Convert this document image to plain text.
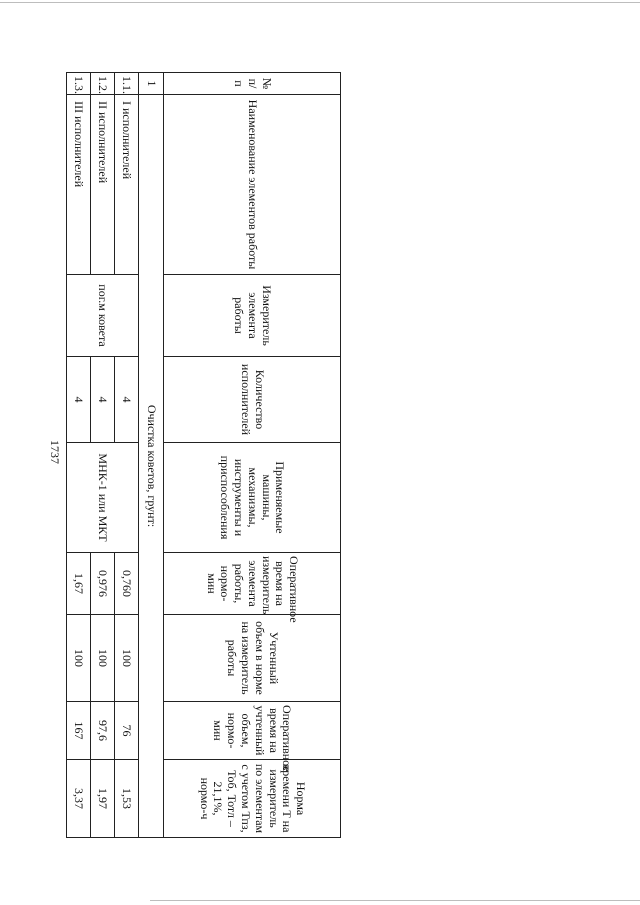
1737
№ п/п	Наименование элементов работы	Измеритель элемента работы	Количество исполнителей	Применяемые машины, механизмы, инструменты и приспособления	Оперативное время на измеритель элемента работы, нормо-мин	Учтенный объем в норме на измеритель работы	Оперативное время на учтенный объем, нормо-мин	Норма времени Т на измеритель по элементам с учетом Тпз, Тоб, Тотл – 21,1%, нормо-ч
1	Очистка коветов, грунт:							
1.1.	I исполнителей	пог.м ковета	4	МНК-1 или МКТ	0,760	100	76	1,53
1.2.	II исполнителей		4		0,976	100	97,6	1,97
1.3.	III исполнителей		4		1,67	100	167	3,37
